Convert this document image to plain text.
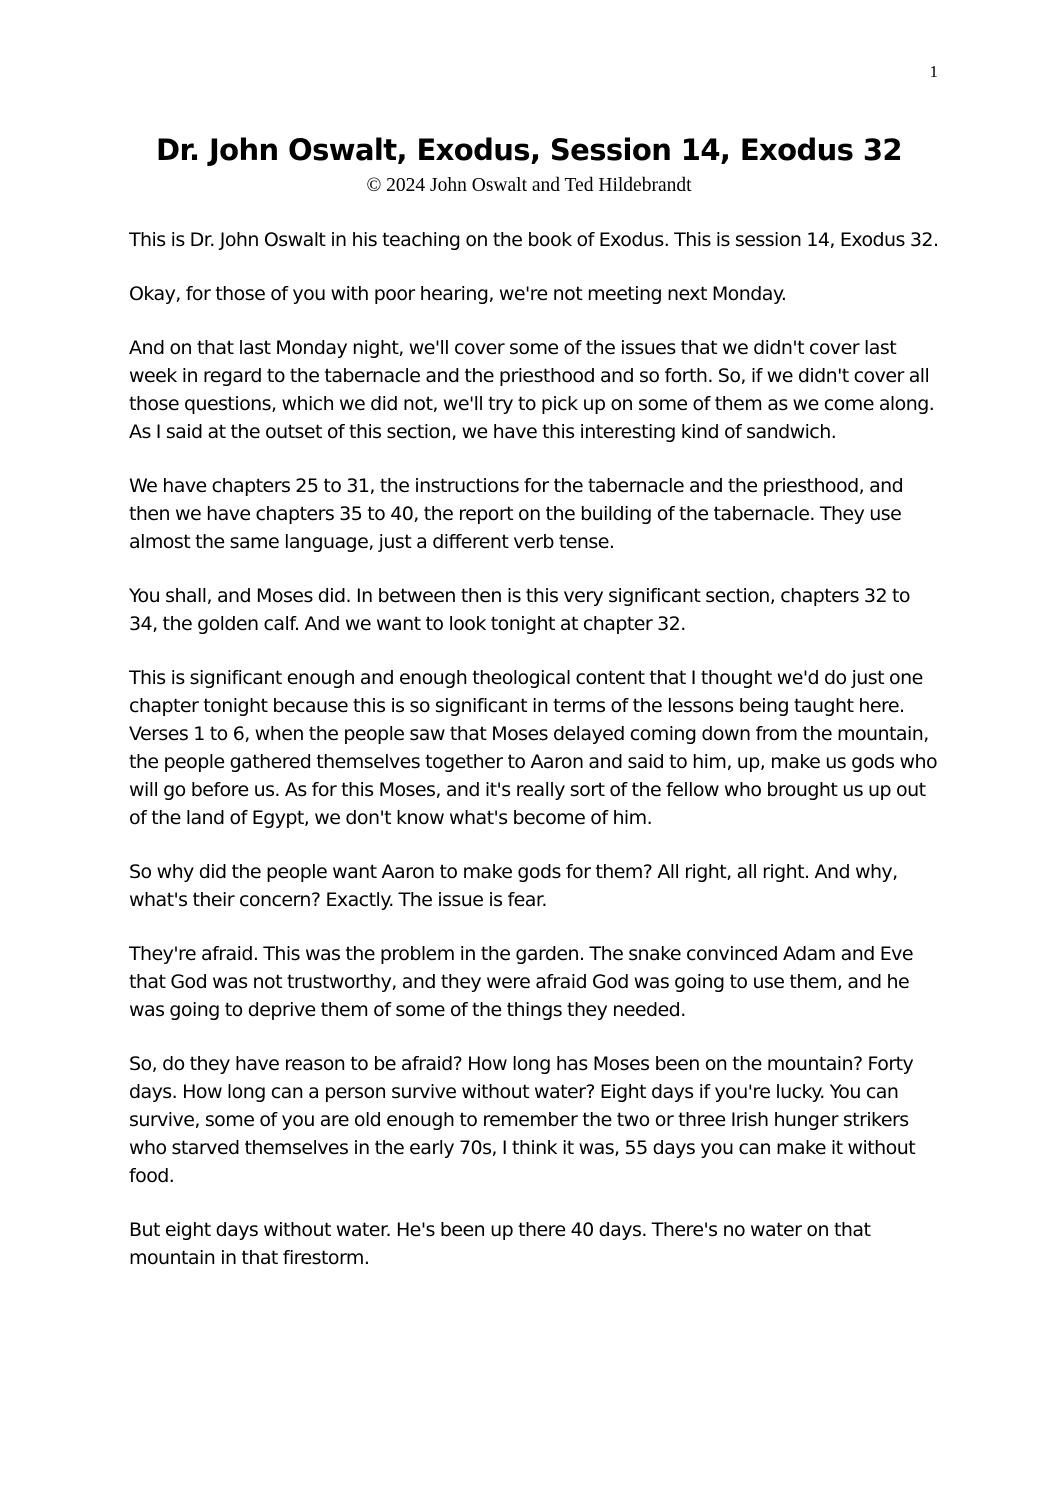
1
Dr. John Oswalt, Exodus, Session 14, Exodus 32
© 2024 John Oswalt and Ted Hildebrandt

This is Dr. John Oswalt in his teaching on the book of Exodus. This is session 14, Exodus 32.

Okay, for those of you with poor hearing, we're not meeting next Monday.

And on that last Monday night, we'll cover some of the issues that we didn't cover last week in regard to the tabernacle and the priesthood and so forth. So, if we didn't cover all those questions, which we did not, we'll try to pick up on some of them as we come along. As I said at the outset of this section, we have this interesting kind of sandwich.

We have chapters 25 to 31, the instructions for the tabernacle and the priesthood, and then we have chapters 35 to 40, the report on the building of the tabernacle. They use almost the same language, just a different verb tense.

You shall, and Moses did. In between then is this very significant section, chapters 32 to 34, the golden calf. And we want to look tonight at chapter 32.

This is significant enough and enough theological content that I thought we'd do just one chapter tonight because this is so significant in terms of the lessons being taught here. Verses 1 to 6, when the people saw that Moses delayed coming down from the mountain, the people gathered themselves together to Aaron and said to him, up, make us gods who will go before us. As for this Moses, and it's really sort of the fellow who brought us up out of the land of Egypt, we don't know what's become of him.

So why did the people want Aaron to make gods for them? All right, all right. And why, what's their concern? Exactly. The issue is fear.

They're afraid. This was the problem in the garden. The snake convinced Adam and Eve that God was not trustworthy, and they were afraid God was going to use them, and he was going to deprive them of some of the things they needed.

So, do they have reason to be afraid? How long has Moses been on the mountain? Forty days. How long can a person survive without water? Eight days if you're lucky. You can survive, some of you are old enough to remember the two or three Irish hunger strikers who starved themselves in the early 70s, I think it was, 55 days you can make it without food.

But eight days without water. He's been up there 40 days. There's no water on that mountain in that firestorm.
